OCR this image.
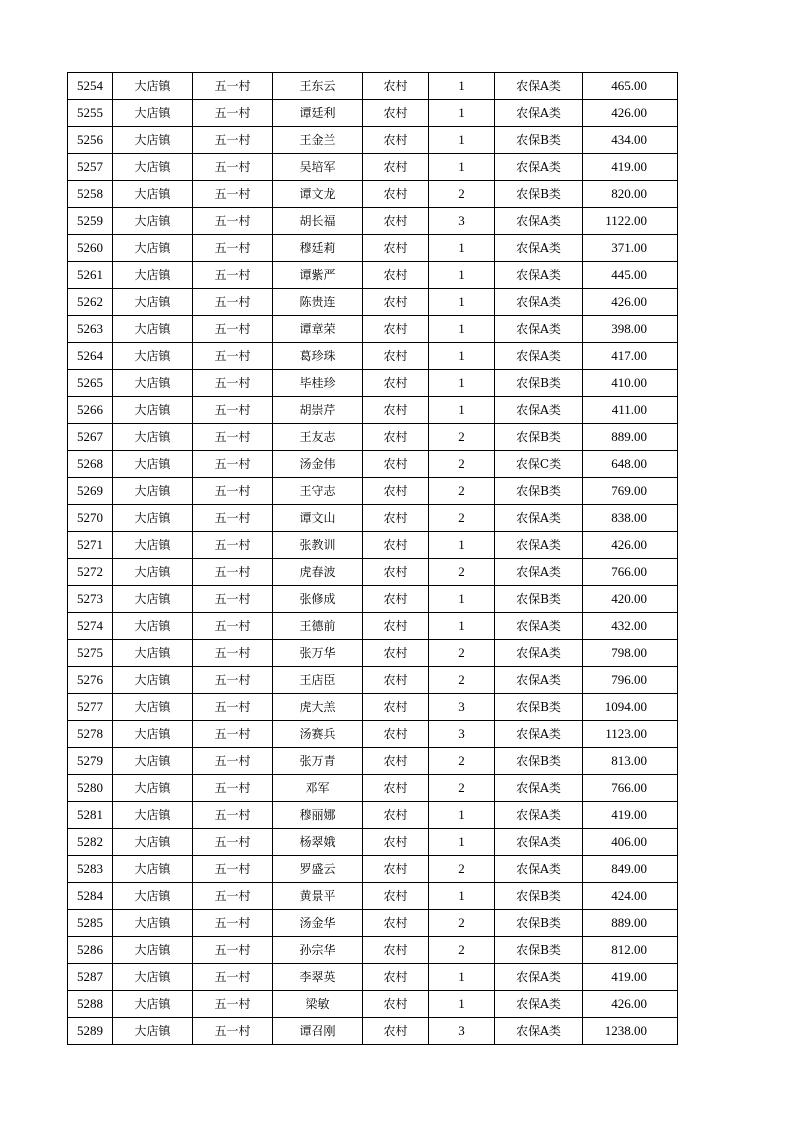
5254	大店镇	五一村	王东云	农村	1	农保A类	465.00
5255	大店镇	五一村	谭廷利	农村	1	农保A类	426.00
5256	大店镇	五一村	王金兰	农村	1	农保B类	434.00
5257	大店镇	五一村	吴培军	农村	1	农保A类	419.00
5258	大店镇	五一村	谭文龙	农村	2	农保B类	820.00
5259	大店镇	五一村	胡长福	农村	3	农保A类	1122.00
5260	大店镇	五一村	穆廷莉	农村	1	农保A类	371.00
5261	大店镇	五一村	谭紫严	农村	1	农保A类	445.00
5262	大店镇	五一村	陈贵连	农村	1	农保A类	426.00
5263	大店镇	五一村	谭章荣	农村	1	农保A类	398.00
5264	大店镇	五一村	葛珍珠	农村	1	农保A类	417.00
5265	大店镇	五一村	毕桂珍	农村	1	农保B类	410.00
5266	大店镇	五一村	胡崇芹	农村	1	农保A类	411.00
5267	大店镇	五一村	王友志	农村	2	农保B类	889.00
5268	大店镇	五一村	汤金伟	农村	2	农保C类	648.00
5269	大店镇	五一村	王守志	农村	2	农保B类	769.00
5270	大店镇	五一村	谭文山	农村	2	农保A类	838.00
5271	大店镇	五一村	张教训	农村	1	农保A类	426.00
5272	大店镇	五一村	虎春波	农村	2	农保A类	766.00
5273	大店镇	五一村	张修成	农村	1	农保B类	420.00
5274	大店镇	五一村	王德前	农村	1	农保A类	432.00
5275	大店镇	五一村	张万华	农村	2	农保A类	798.00
5276	大店镇	五一村	王店臣	农村	2	农保A类	796.00
5277	大店镇	五一村	虎大羔	农村	3	农保B类	1094.00
5278	大店镇	五一村	汤赛兵	农村	3	农保A类	1123.00
5279	大店镇	五一村	张万青	农村	2	农保B类	813.00
5280	大店镇	五一村	邓军	农村	2	农保A类	766.00
5281	大店镇	五一村	穆丽娜	农村	1	农保A类	419.00
5282	大店镇	五一村	杨翠娥	农村	1	农保A类	406.00
5283	大店镇	五一村	罗盛云	农村	2	农保A类	849.00
5284	大店镇	五一村	黄景平	农村	1	农保B类	424.00
5285	大店镇	五一村	汤金华	农村	2	农保B类	889.00
5286	大店镇	五一村	孙宗华	农村	2	农保B类	812.00
5287	大店镇	五一村	李翠英	农村	1	农保A类	419.00
5288	大店镇	五一村	梁敏	农村	1	农保A类	426.00
5289	大店镇	五一村	谭召刚	农村	3	农保A类	1238.00
